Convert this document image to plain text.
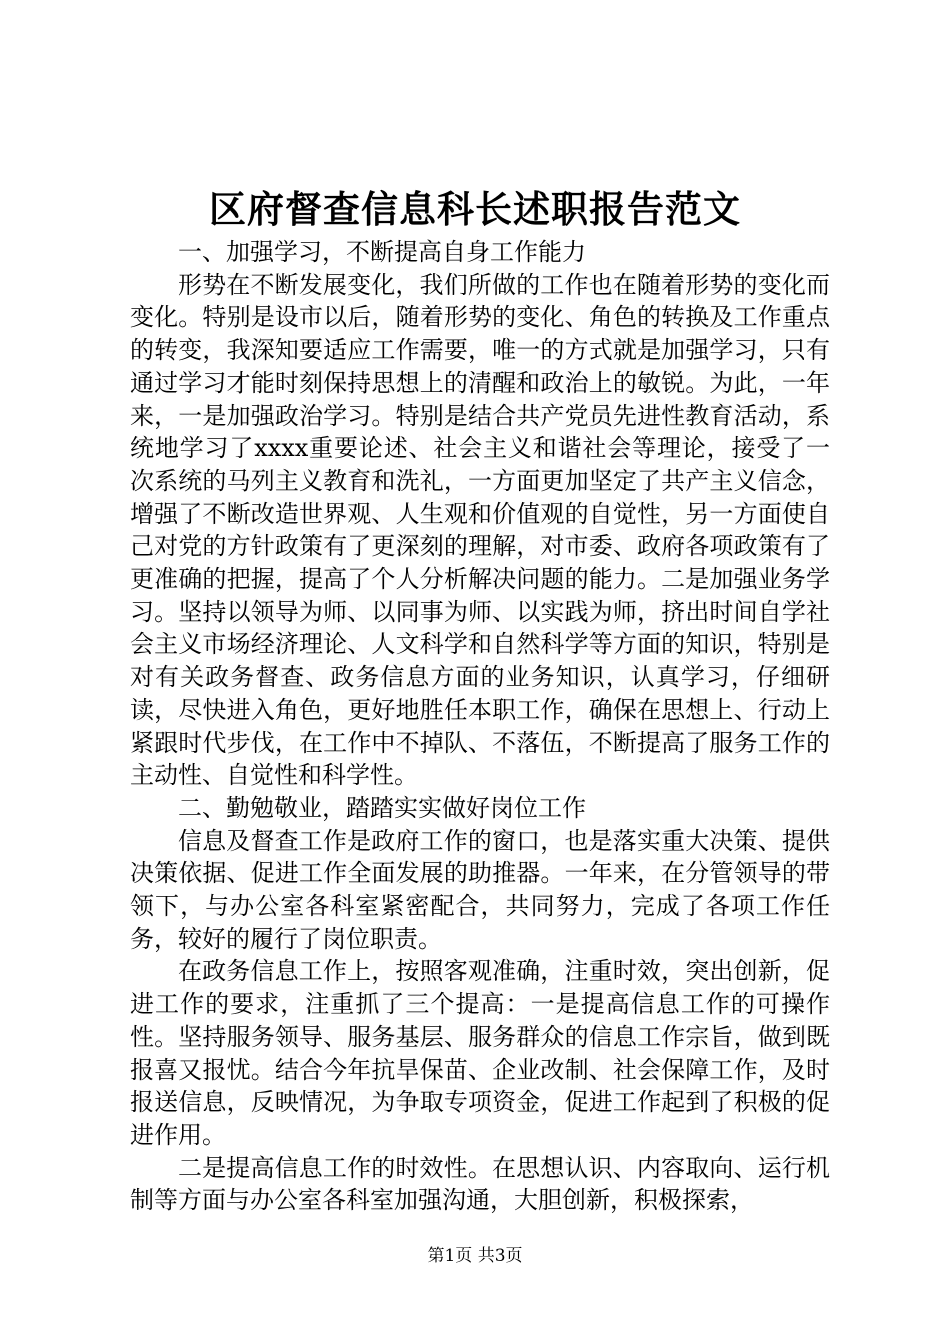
区府督查信息科长述职报告范文

一、加强学习，不断提高自身工作能力

形势在不断发展变化，我们所做的工作也在随着形势的变化而变化。特别是设市以后，随着形势的变化、角色的转换及工作重点的转变，我深知要适应工作需要，唯一的方式就是加强学习，只有通过学习才能时刻保持思想上的清醒和政治上的敏锐。为此，一年来，一是加强政治学习。特别是结合共产党员先进性教育活动，系统地学习了xxxx重要论述、社会主义和谐社会等理论，接受了一次系统的马列主义教育和洗礼，一方面更加坚定了共产主义信念，增强了不断改造世界观、人生观和价值观的自觉性，另一方面使自己对党的方针政策有了更深刻的理解，对市委、政府各项政策有了更准确的把握，提高了个人分析解决问题的能力。二是加强业务学习。坚持以领导为师、以同事为师、以实践为师，挤出时间自学社会主义市场经济理论、人文科学和自然科学等方面的知识，特别是对有关政务督查、政务信息方面的业务知识，认真学习，仔细研读，尽快进入角色，更好地胜任本职工作，确保在思想上、行动上紧跟时代步伐，在工作中不掉队、不落伍，不断提高了服务工作的主动性、自觉性和科学性。

二、勤勉敬业，踏踏实实做好岗位工作

信息及督查工作是政府工作的窗口，也是落实重大决策、提供决策依据、促进工作全面发展的助推器。一年来，在分管领导的带领下，与办公室各科室紧密配合，共同努力，完成了各项工作任务，较好的履行了岗位职责。

在政务信息工作上，按照客观准确，注重时效，突出创新，促进工作的要求，注重抓了三个提高：一是提高信息工作的可操作性。坚持服务领导、服务基层、服务群众的信息工作宗旨，做到既报喜又报忧。结合今年抗旱保苗、企业改制、社会保障工作，及时报送信息，反映情况，为争取专项资金，促进工作起到了积极的促进作用。

二是提高信息工作的时效性。在思想认识、内容取向、运行机制等方面与办公室各科室加强沟通，大胆创新，积极探索，

第1页 共3页
